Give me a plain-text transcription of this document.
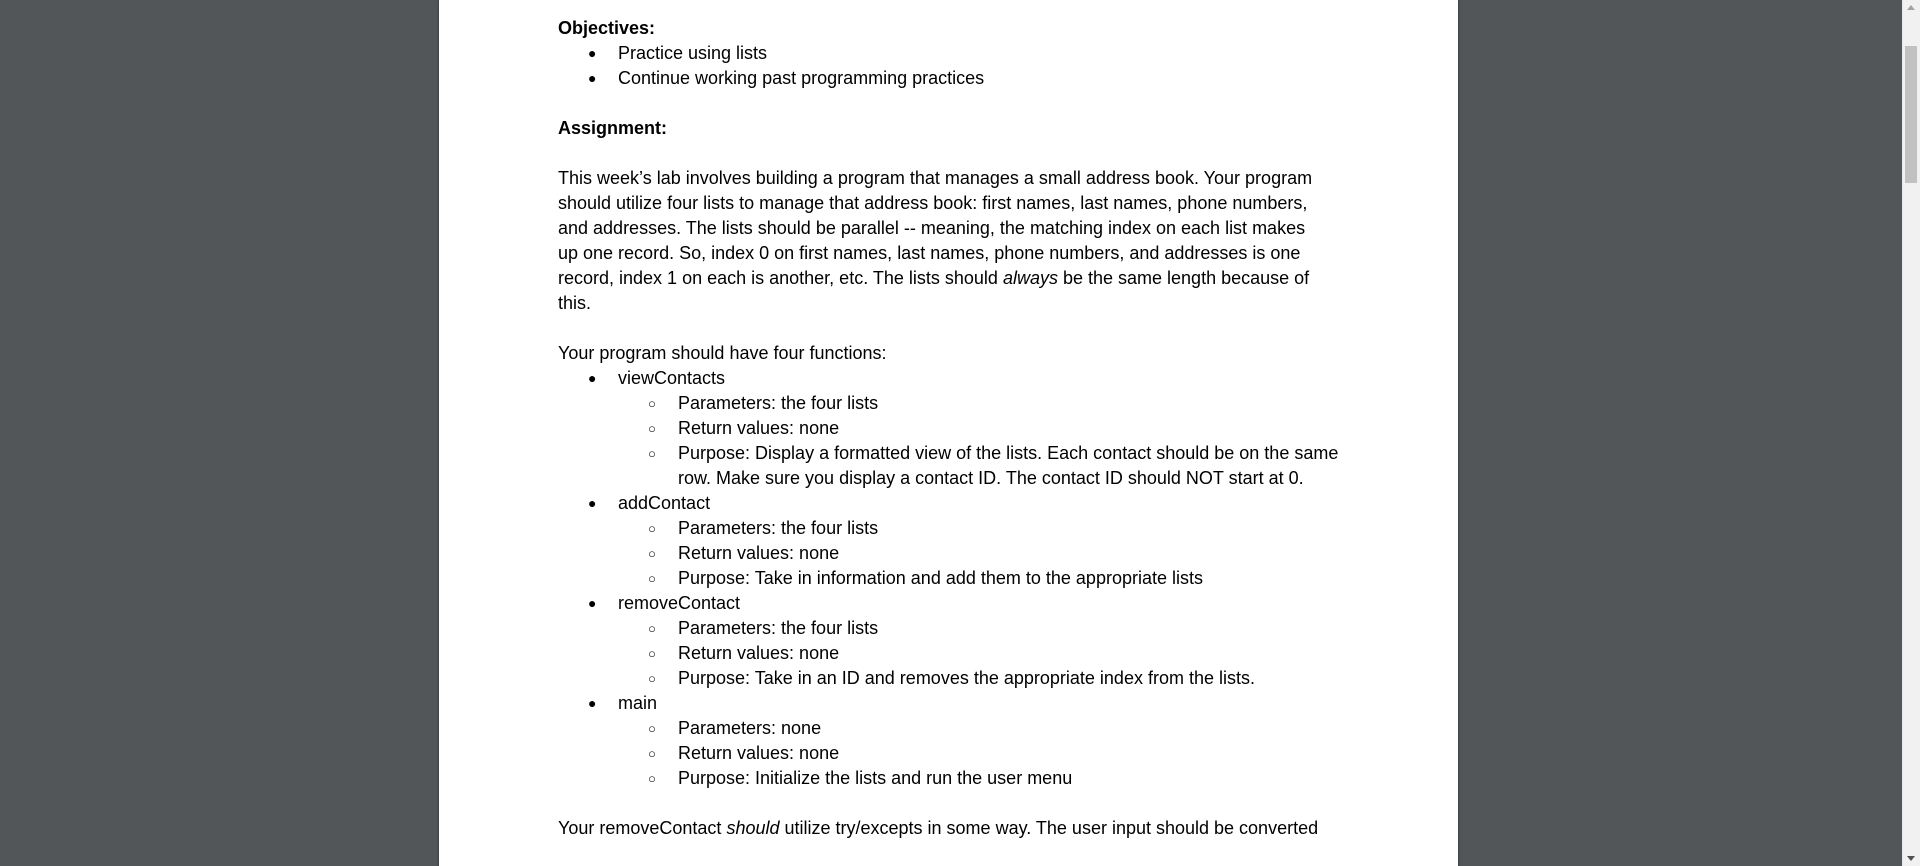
Objectives:

● Practice using lists
● Continue working past programming practices

Assignment:

This week’s lab involves building a program that manages a small address book. Your program

should utilize four lists to manage that address book: first names, last names, phone numbers,

and addresses. The lists should be parallel -- meaning, the matching index on each list makes

up one record. So, index 0 on first names, last names, phone numbers, and addresses is one

record, index 1 on each is another, etc. The lists should always be the same length because of

this.

Your program should have four functions:

● viewContacts
○ Parameters: the four lists
○ Return values: none
○ Purpose: Display a formatted view of the lists. Each contact should be on the same row. Make sure you display a contact ID. The contact ID should NOT start at 0.
● addContact
○ Parameters: the four lists
○ Return values: none
○ Purpose: Take in information and add them to the appropriate lists
● removeContact
○ Parameters: the four lists
○ Return values: none
○ Purpose: Take in an ID and removes the appropriate index from the lists.
● main
○ Parameters: none
○ Return values: none
○ Purpose: Initialize the lists and run the user menu

Your removeContact should utilize try/excepts in some way. The user input should be converted
